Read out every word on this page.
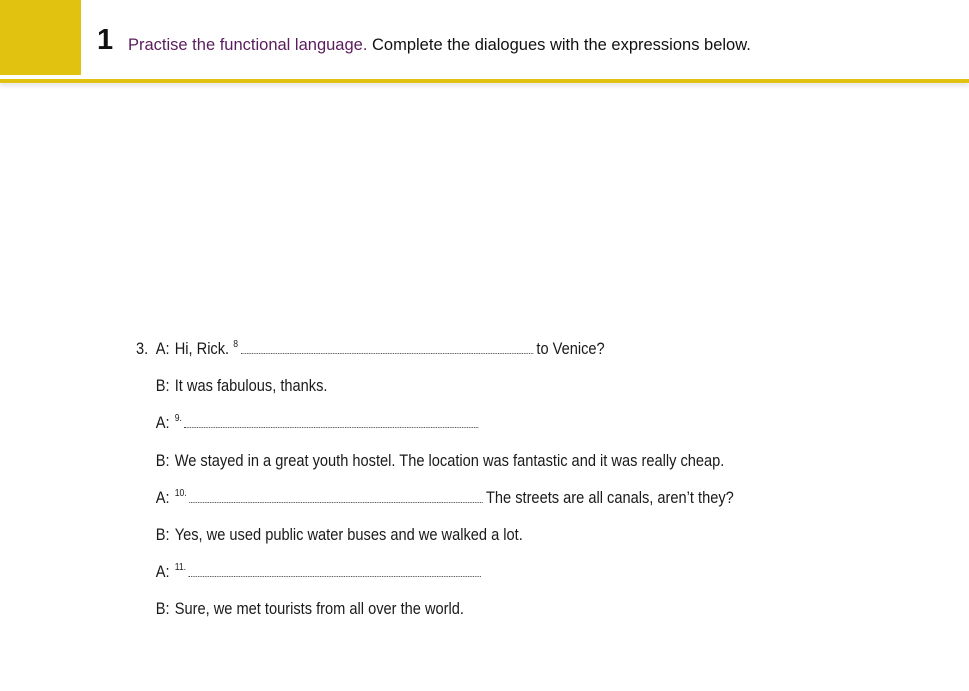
1 Practise the functional language. Complete the dialogues with the expressions below.
3. A: Hi, Rick. $^8$	to Venice?
B: It was fabulous, thanks.
A: $^{9.}$
B: We stayed in a great youth hostel. The location was fantastic and it was really cheap.
A: $^{10.}$	The streets are all canals, aren’t they?
B: Yes, we used public water buses and we walked a lot.
A: $^{11.}$
B: Sure, we met tourists from all over the world.
